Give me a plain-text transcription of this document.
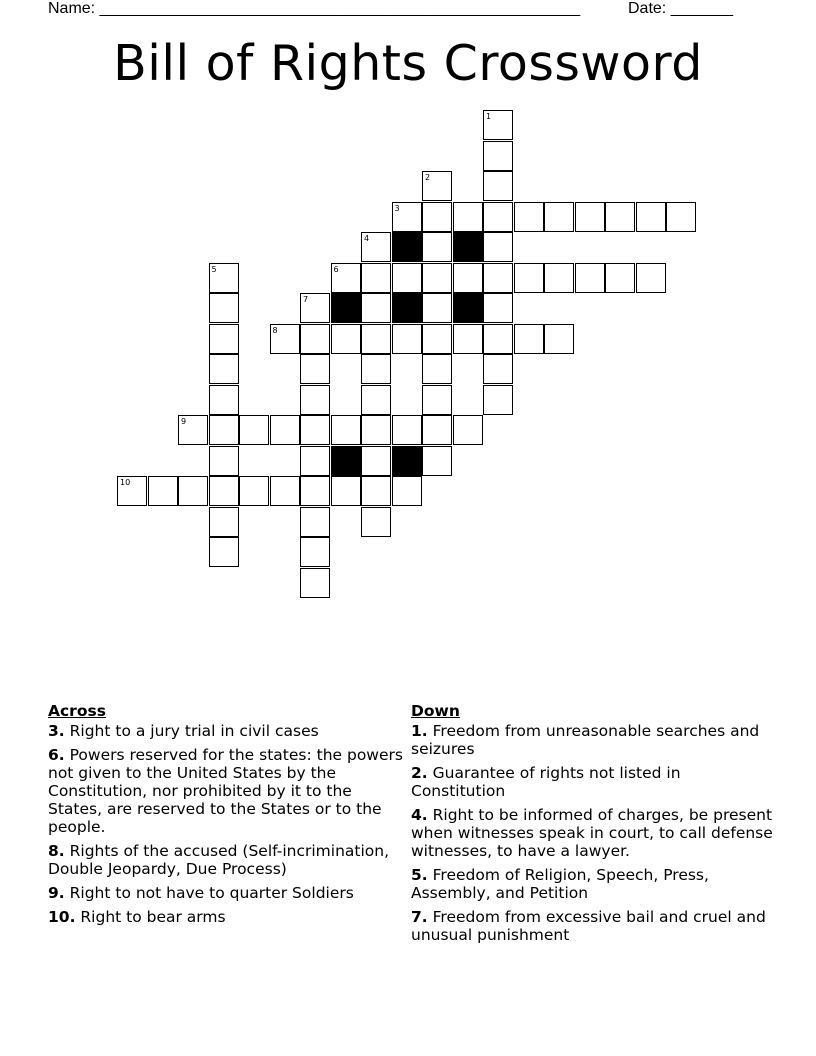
Name: ______________________________________________________	Date: _______
Bill of Rights Crossword
1
2
3
4
5	6
7
8
9
10
Across
3. Right to a jury trial in civil cases
6. Powers reserved for the states: the powers not given to the United States by the Constitution, nor prohibited by it to the States, are reserved to the States or to the people.
8. Rights of the accused (Self-incrimination, Double Jeopardy, Due Process)
9. Right to not have to quarter Soldiers
10. Right to bear arms
Down
1. Freedom from unreasonable searches and seizures
2. Guarantee of rights not listed in Constitution
4. Right to be informed of charges, be present when witnesses speak in court, to call defense witnesses, to have a lawyer.
5. Freedom of Religion, Speech, Press, Assembly, and Petition
7. Freedom from excessive bail and cruel and unusual punishment
